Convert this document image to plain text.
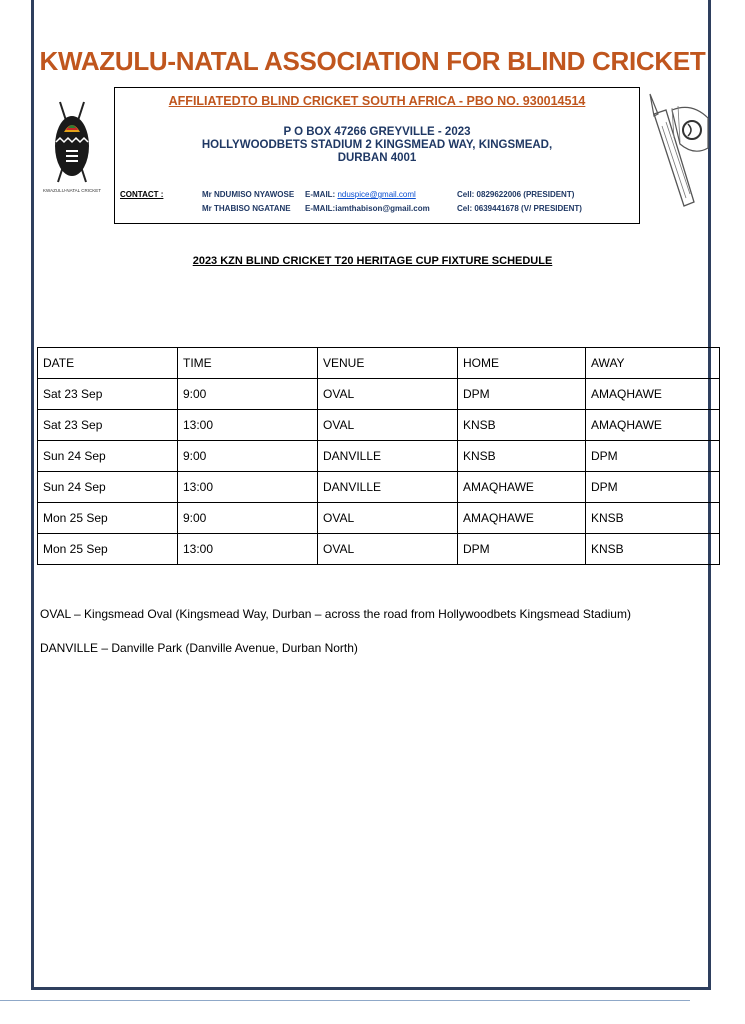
KWAZULU-NATAL ASSOCIATION FOR BLIND CRICKET
KWAZULU-NATAL CRICKET
AFFILIATEDTO BLIND CRICKET SOUTH AFRICA - PBO NO. 930014514
P O BOX 47266 GREYVILLE - 2023
HOLLYWOODBETS STADIUM 2 KINGSMEAD WAY, KINGSMEAD,
DURBAN 4001
CONTACT :	Mr NDUMISO NYAWOSE E-MAIL: nduspice@gmail.coml	Cell: 0829622006 (PRESIDENT)
Mr THABISO NGATANE E-MAIL:iamthabison@gmail.com	Cel: 0639441678 (V/ PRESIDENT)
2023 KZN BLIND CRICKET T20 HERITAGE CUP FIXTURE SCHEDULE
DATE	TIME	VENUE	HOME	AWAY
Sat 23 Sep	9:00	OVAL	DPM	AMAQHAWE
Sat 23 Sep	13:00	OVAL	KNSB	AMAQHAWE
Sun 24 Sep	9:00	DANVILLE	KNSB	DPM
Sun 24 Sep	13:00	DANVILLE	AMAQHAWE	DPM
Mon 25 Sep	9:00	OVAL	AMAQHAWE	KNSB
Mon 25 Sep	13:00	OVAL	DPM	KNSB
OVAL – Kingsmead Oval (Kingsmead Way, Durban – across the road from Hollywoodbets Kingsmead Stadium)
DANVILLE – Danville Park (Danville Avenue, Durban North)
